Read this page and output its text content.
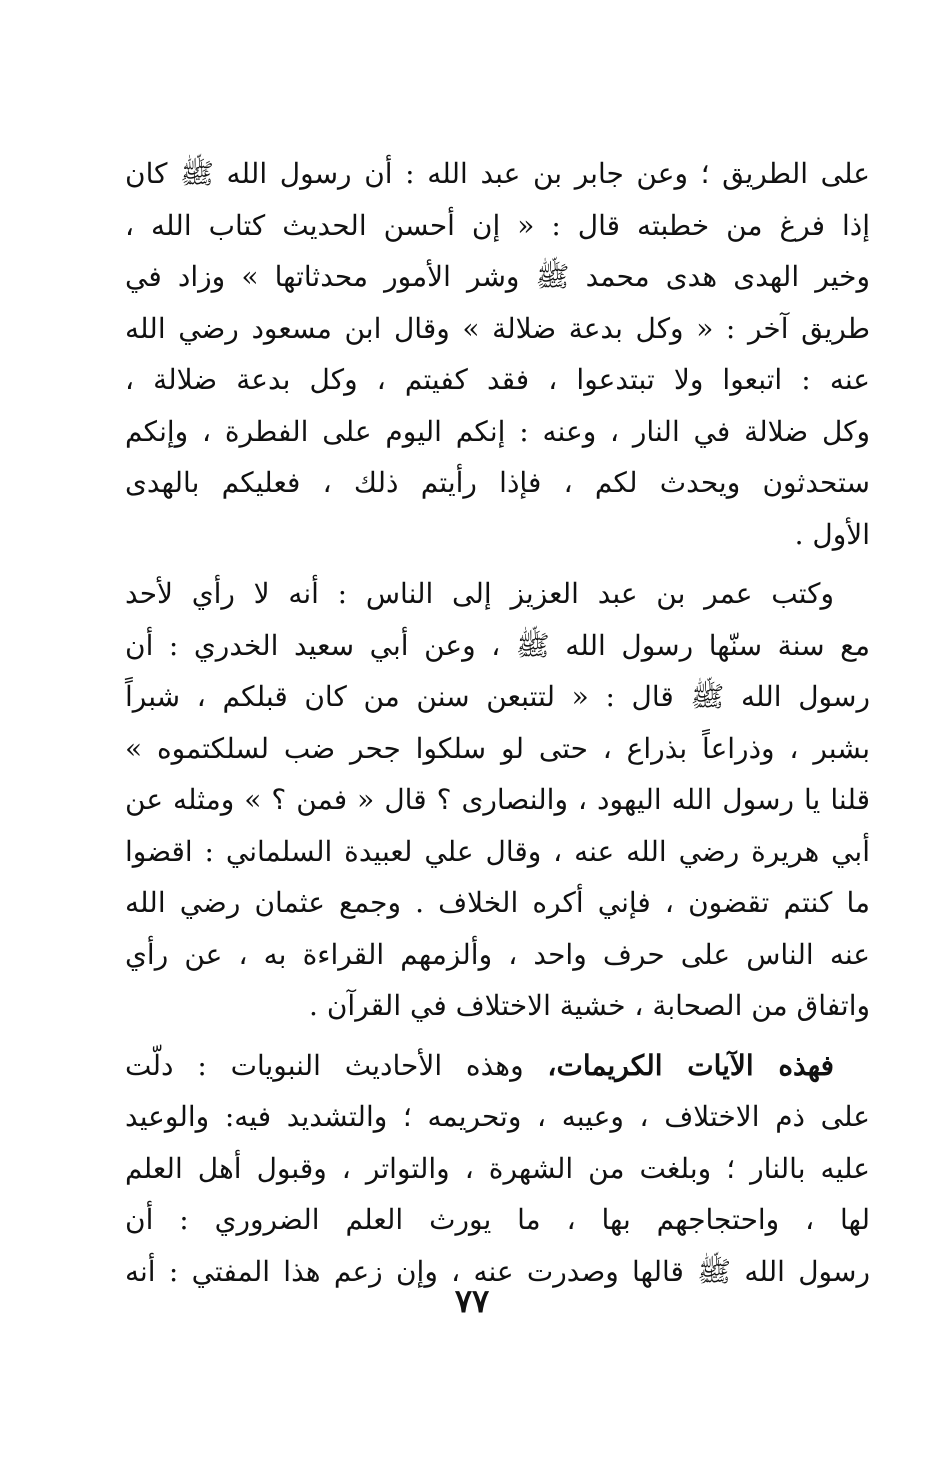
على الطريق ؛ وعن جابر بن عبد الله : أن رسول الله ﷺ كان
إذا فرغ من خطبته قال : « إن أحسن الحديث كتاب الله ،
وخير الهدى هدى محمد ﷺ وشر الأمور محدثاتها » وزاد في
طريق آخر : « وكل بدعة ضلالة » وقال ابن مسعود رضي الله
عنه : اتبعوا ولا تبتدعوا ، فقد كفيتم ، وكل بدعة ضلالة ،
وكل ضلالة في النار ، وعنه : إنكم اليوم على الفطرة ، وإنكم
ستحدثون ويحدث لكم ، فإذا رأيتم ذلك ، فعليكم بالهدى
الأول .
وكتب عمر بن عبد العزيز إلى الناس : أنه لا رأي لأحد
مع سنة سنّها رسول الله ﷺ ، وعن أبي سعيد الخدري : أن
رسول الله ﷺ قال : « لتتبعن سنن من كان قبلكم ، شبراً
بشبر ، وذراعاً بذراع ، حتى لو سلكوا جحر ضب لسلكتموه »
قلنا يا رسول الله اليهود ، والنصارى ؟ قال « فمن ؟ » ومثله عن
أبي هريرة رضي الله عنه ، وقال علي لعبيدة السلماني : اقضوا
ما كنتم تقضون ، فإني أكره الخلاف . وجمع عثمان رضي الله
عنه الناس على حرف واحد ، وألزمهم القراءة به ، عن رأي
واتفاق من الصحابة ، خشية الاختلاف في القرآن .
فهذه الآيات الكريمات، وهذه الأحاديث النبويات : دلّت
على ذم الاختلاف ، وعيبه ، وتحريمه ؛ والتشديد فيه: والوعيد
عليه بالنار ؛ وبلغت من الشهرة ، والتواتر ، وقبول أهل العلم
لها ، واحتجاجهم بها ، ما يورث العلم الضروري : أن
رسول الله ﷺ قالها وصدرت عنه ، وإن زعم هذا المفتي : أنه
٧٧
